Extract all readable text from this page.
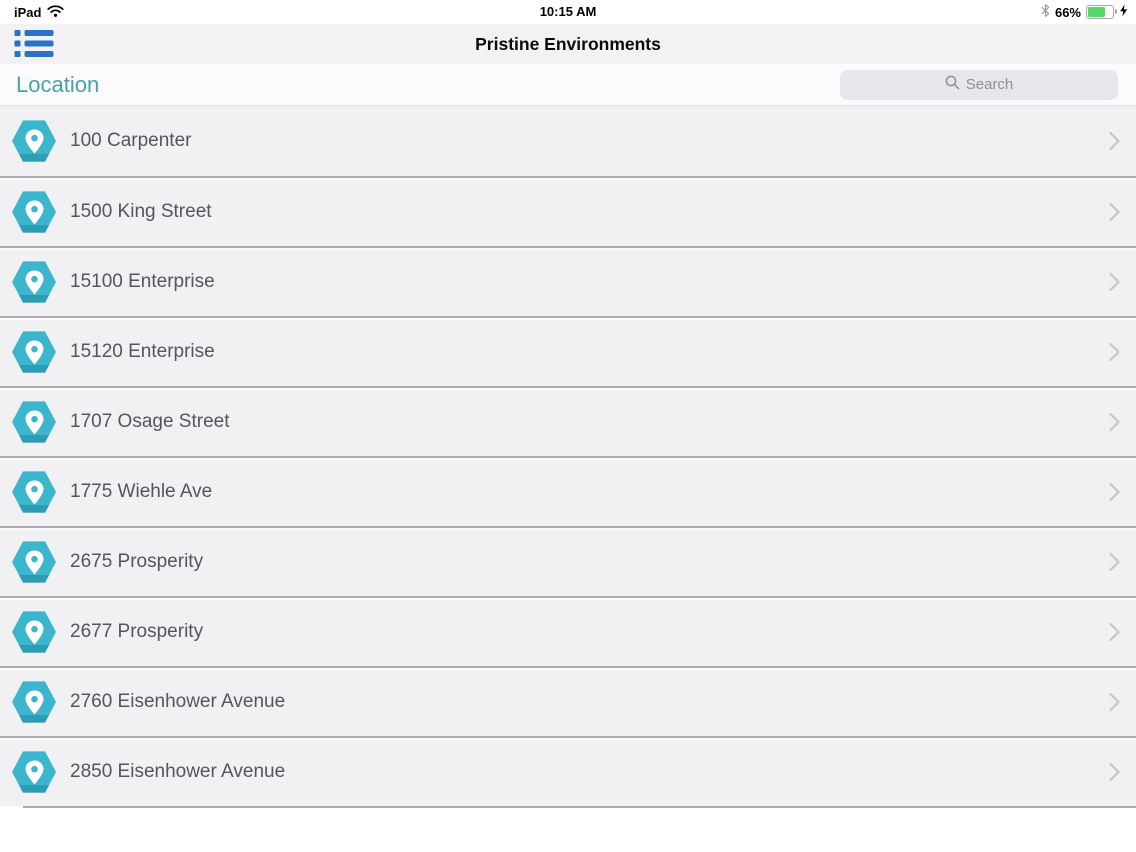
iPad	10:15 AM	66%
Pristine Environments
Location	Search
100 Carpenter
1500 King Street
15100 Enterprise
15120 Enterprise
1707 Osage Street
1775 Wiehle Ave
2675 Prosperity
2677 Prosperity
2760 Eisenhower Avenue
2850 Eisenhower Avenue
